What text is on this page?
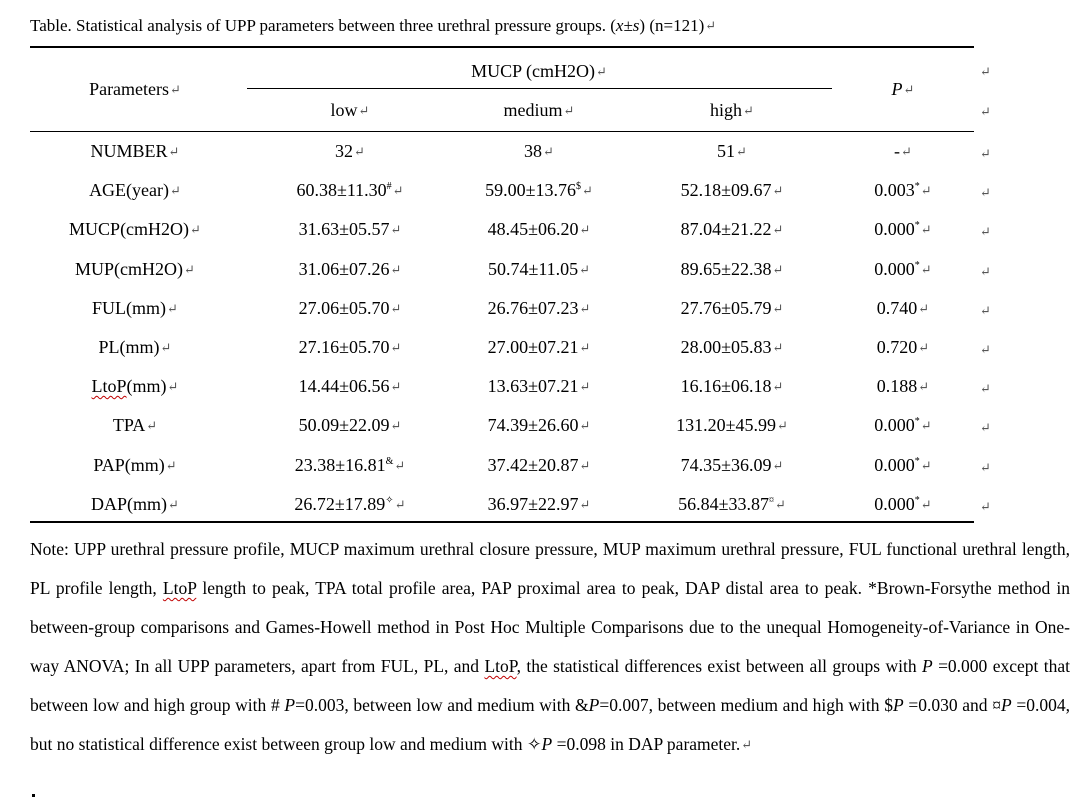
Table. Statistical analysis of UPP parameters between three urethral pressure groups. (x±s) (n=121)↵
Parameters↵
MUCP (cmH2O)↵
low↵	medium↵	high↵
P↵
↵
↵
NUMBER↵	32↵	38↵	51↵	-↵	↵
AGE(year)↵	60.38±11.30#↵	59.00±13.76$↵	52.18±09.67↵	0.003*↵	↵
MUCP(cmH2O)↵	31.63±05.57↵	48.45±06.20↵	87.04±21.22↵	0.000*↵	↵
MUP(cmH2O)↵	31.06±07.26↵	50.74±11.05↵	89.65±22.38↵	0.000*↵	↵
FUL(mm)↵	27.06±05.70↵	26.76±07.23↵	27.76±05.79↵	0.740↵	↵
PL(mm)↵	27.16±05.70↵	27.00±07.21↵	28.00±05.83↵	0.720↵	↵
LtoP(mm)↵	14.44±06.56↵	13.63±07.21↵	16.16±06.18↵	0.188↵	↵
TPA↵	50.09±22.09↵	74.39±26.60↵	131.20±45.99↵	0.000*↵	↵
PAP(mm)↵	23.38±16.81&↵	37.42±20.87↵	74.35±36.09↵	0.000*↵	↵
DAP(mm)↵	26.72±17.89✧↵	36.97±22.97↵	56.84±33.87¤↵	0.000*↵	↵
Note: UPP urethral pressure profile, MUCP maximum urethral closure pressure, MUP maximum urethral pressure, FUL functional urethral length, PL profile length, LtoP length to peak, TPA total profile area, PAP proximal area to peak, DAP distal area to peak. *Brown-Forsythe method in between-group comparisons and Games-Howell method in Post Hoc Multiple Comparisons due to the unequal Homogeneity-of-Variance in One-way ANOVA; In all UPP parameters, apart from FUL, PL, and LtoP, the statistical differences exist between all groups with P =0.000 except that between low and high group with # P=0.003, between low and medium with &P=0.007, between medium and high with $P =0.030 and ¤P =0.004, but no statistical difference exist between group low and medium with ✧P =0.098 in DAP parameter.↵
